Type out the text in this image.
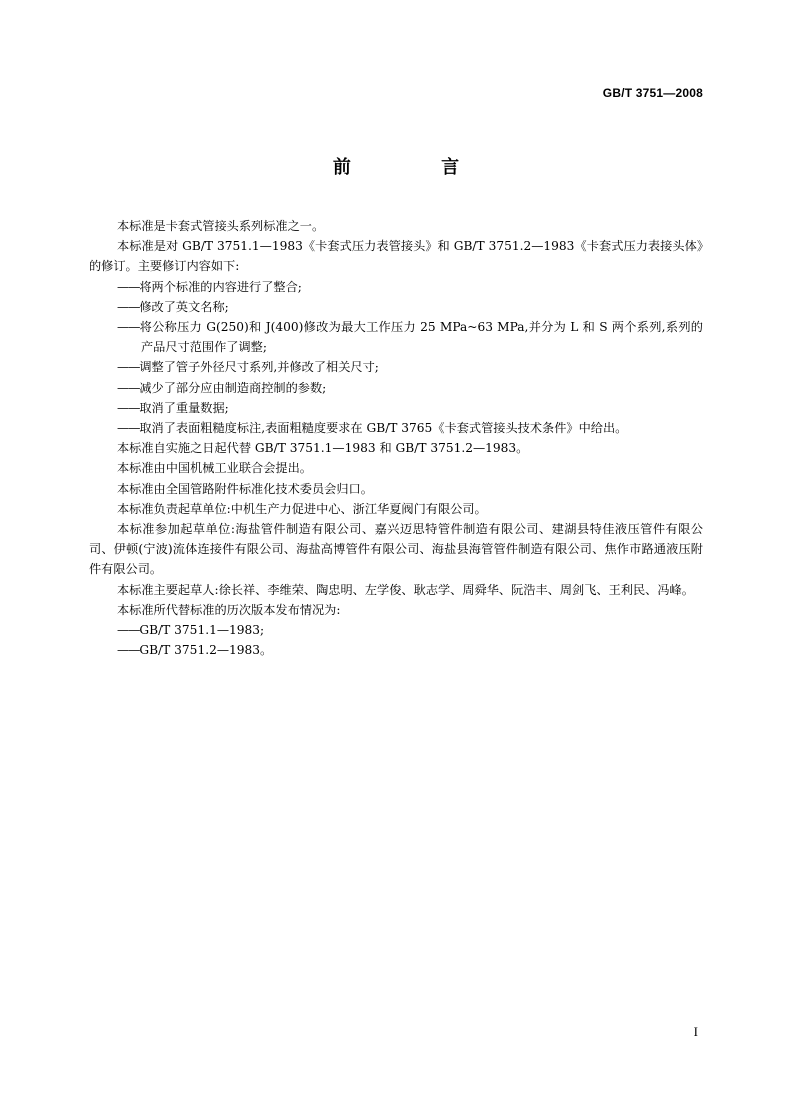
GB/T 3751—2008
前 言

本标准是卡套式管接头系列标准之一。

本标准是对 GB/T 3751.1—1983《卡套式压力表管接头》和 GB/T 3751.2—1983《卡套式压力表接头体》的修订。主要修订内容如下:

——将两个标准的内容进行了整合;

——修改了英文名称;

——将公称压力 G(250)和 J(400)修改为最大工作压力 25 MPa~63 MPa,并分为 L 和 S 两个系列,系列的产品尺寸范围作了调整;

——调整了管子外径尺寸系列,并修改了相关尺寸;

——减少了部分应由制造商控制的参数;

——取消了重量数据;

——取消了表面粗糙度标注,表面粗糙度要求在 GB/T 3765《卡套式管接头技术条件》中给出。

本标准自实施之日起代替 GB/T 3751.1—1983 和 GB/T 3751.2—1983。

本标准由中国机械工业联合会提出。

本标准由全国管路附件标准化技术委员会归口。

本标准负责起草单位:中机生产力促进中心、浙江华夏阀门有限公司。

本标准参加起草单位:海盐管件制造有限公司、嘉兴迈思特管件制造有限公司、建湖县特佳液压管件有限公司、伊顿(宁波)流体连接件有限公司、海盐高博管件有限公司、海盐县海管管件制造有限公司、焦作市路通液压附件有限公司。

本标准主要起草人:徐长祥、李维荣、陶忠明、左学俊、耿志学、周舜华、阮浩丰、周剑飞、王利民、冯峰。

本标准所代替标准的历次版本发布情况为:

——GB/T 3751.1—1983;

——GB/T 3751.2—1983。

I
